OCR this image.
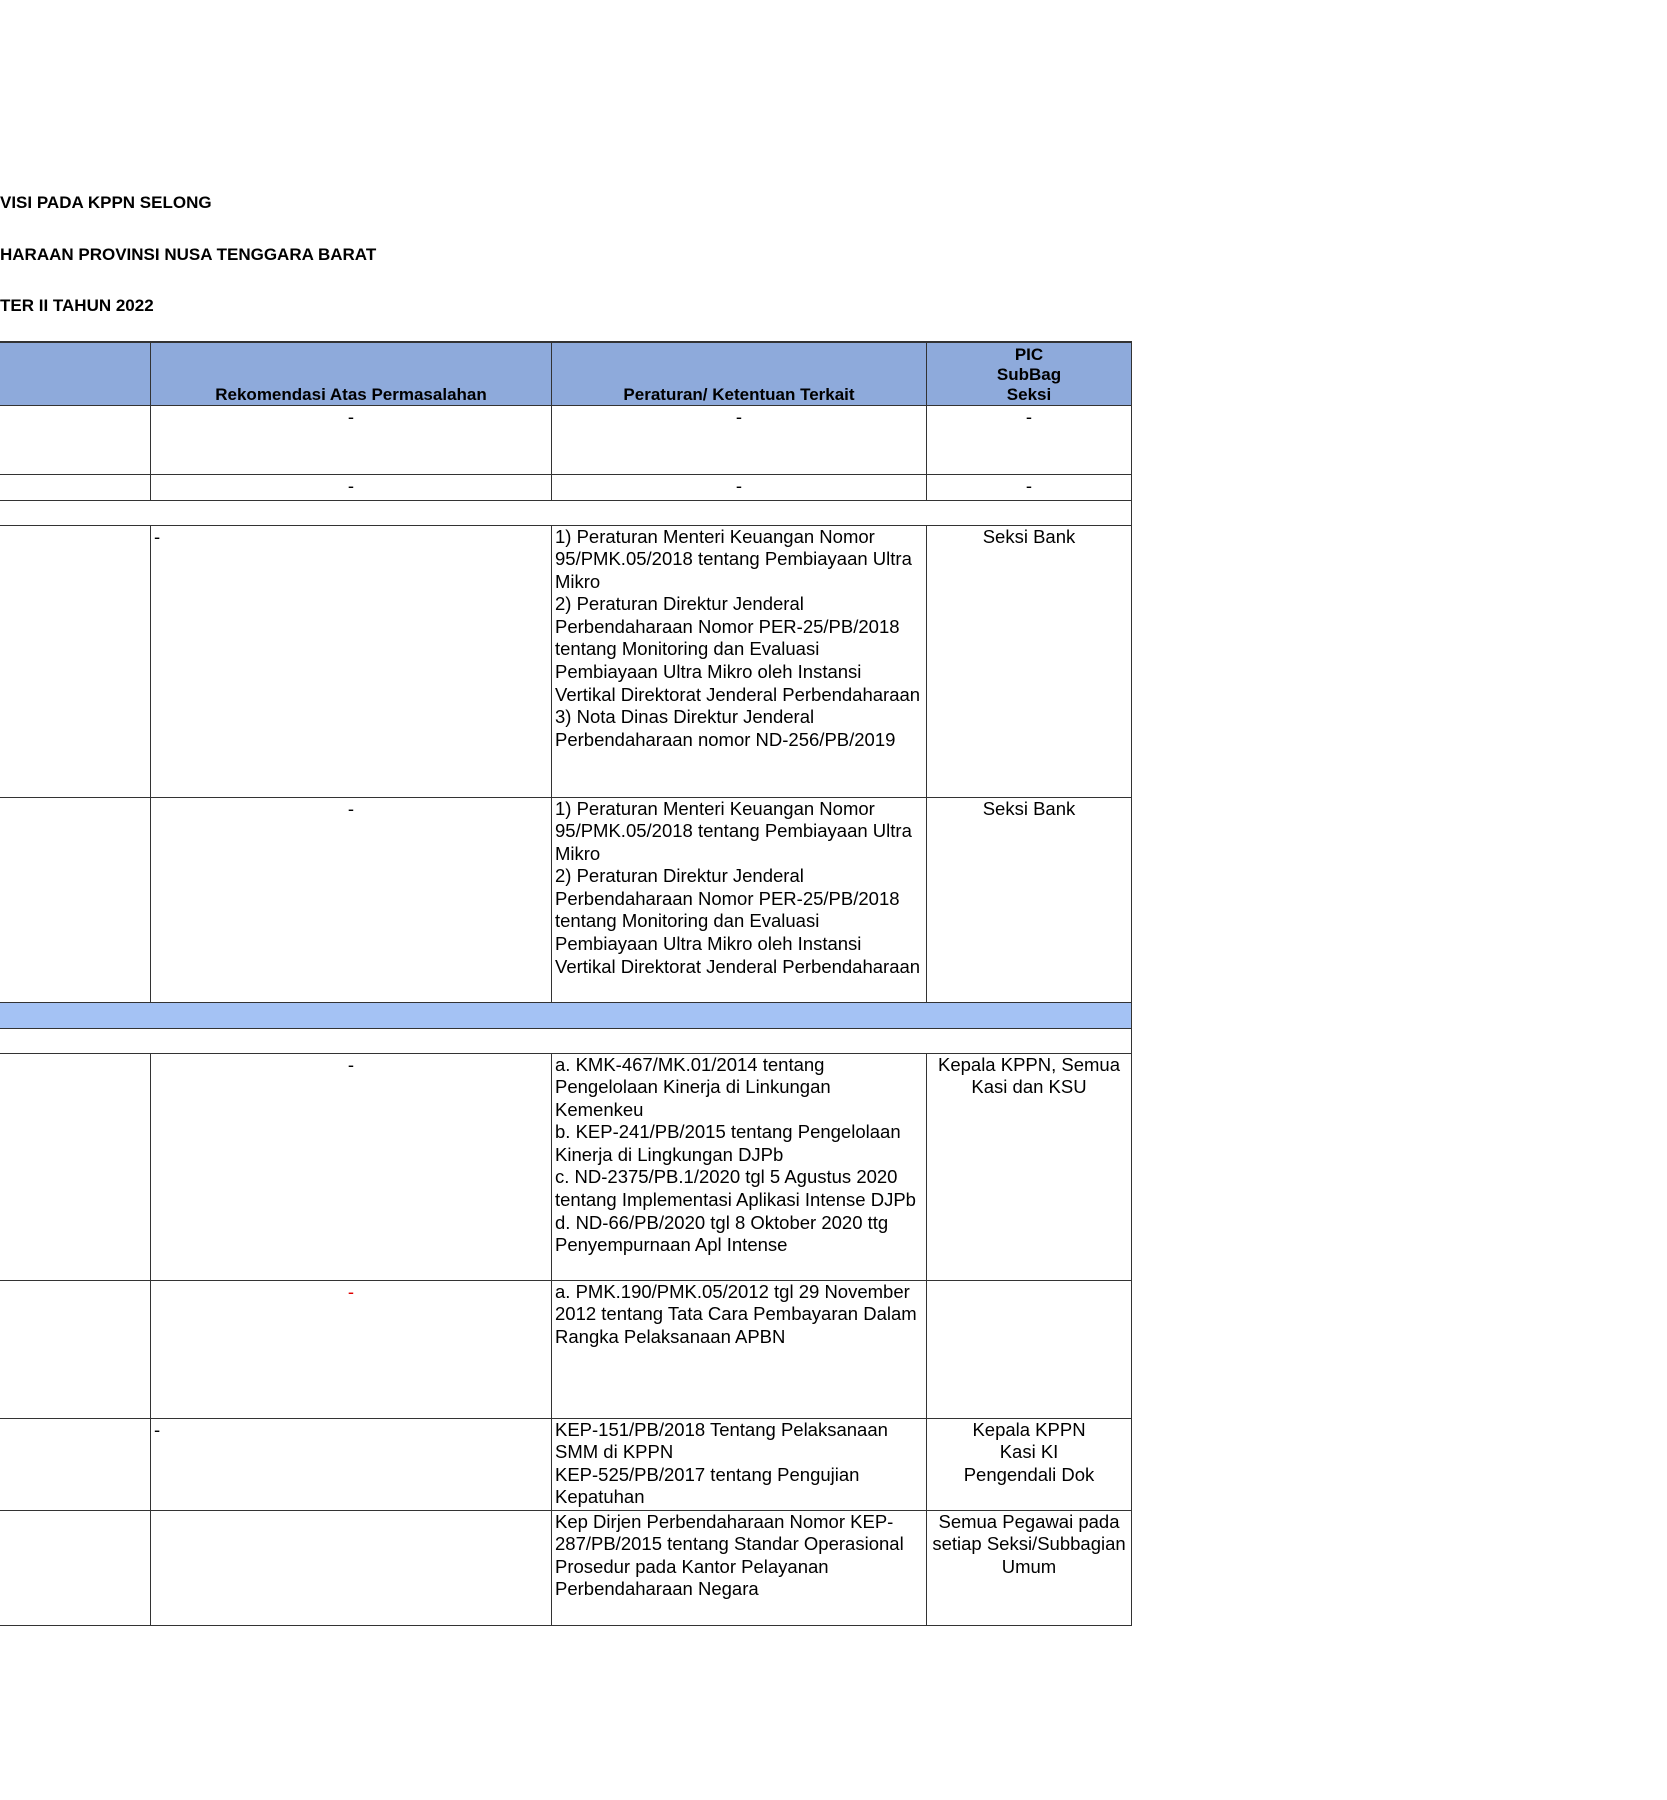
VISI PADA KPPN SELONG
HARAAN PROVINSI NUSA TENGGARA BARAT
TER II TAHUN 2022
	Rekomendasi Atas Permasalahan	Peraturan/ Ketentuan Terkait	PIC
SubBag
Seksi
	-	-	-
	-	-	-

	-	1) Peraturan Menteri Keuangan Nomor 95/PMK.05/2018 tentang Pembiayaan Ultra Mikro
2) Peraturan Direktur Jenderal Perbendaharaan Nomor PER-25/PB/2018 tentang Monitoring dan Evaluasi Pembiayaan Ultra Mikro oleh Instansi Vertikal Direktorat Jenderal Perbendaharaan
3) Nota Dinas Direktur Jenderal Perbendaharaan nomor ND-256/PB/2019	Seksi Bank
	-	1) Peraturan Menteri Keuangan Nomor 95/PMK.05/2018 tentang Pembiayaan Ultra Mikro
2) Peraturan Direktur Jenderal Perbendaharaan Nomor PER-25/PB/2018 tentang Monitoring dan Evaluasi Pembiayaan Ultra Mikro oleh Instansi Vertikal Direktorat Jenderal Perbendaharaan	Seksi Bank

	-	a. KMK-467/MK.01/2014 tentang Pengelolaan Kinerja di Linkungan Kemenkeu
b. KEP-241/PB/2015 tentang Pengelolaan Kinerja di Lingkungan DJPb
c. ND-2375/PB.1/2020 tgl 5 Agustus 2020 tentang Implementasi Aplikasi Intense DJPb
d. ND-66/PB/2020 tgl 8 Oktober 2020 ttg Penyempurnaan Apl Intense	Kepala KPPN, Semua Kasi dan KSU
	-	a. PMK.190/PMK.05/2012 tgl 29 November 2012 tentang Tata Cara Pembayaran Dalam Rangka Pelaksanaan APBN	
	-	KEP-151/PB/2018 Tentang Pelaksanaan SMM di KPPN
KEP-525/PB/2017 tentang Pengujian Kepatuhan	Kepala KPPN
Kasi KI
Pengendali Dok
		Kep Dirjen Perbendaharaan Nomor KEP-287/PB/2015 tentang Standar Operasional Prosedur pada Kantor Pelayanan Perbendaharaan Negara	Semua Pegawai pada setiap Seksi/Subbagian Umum
